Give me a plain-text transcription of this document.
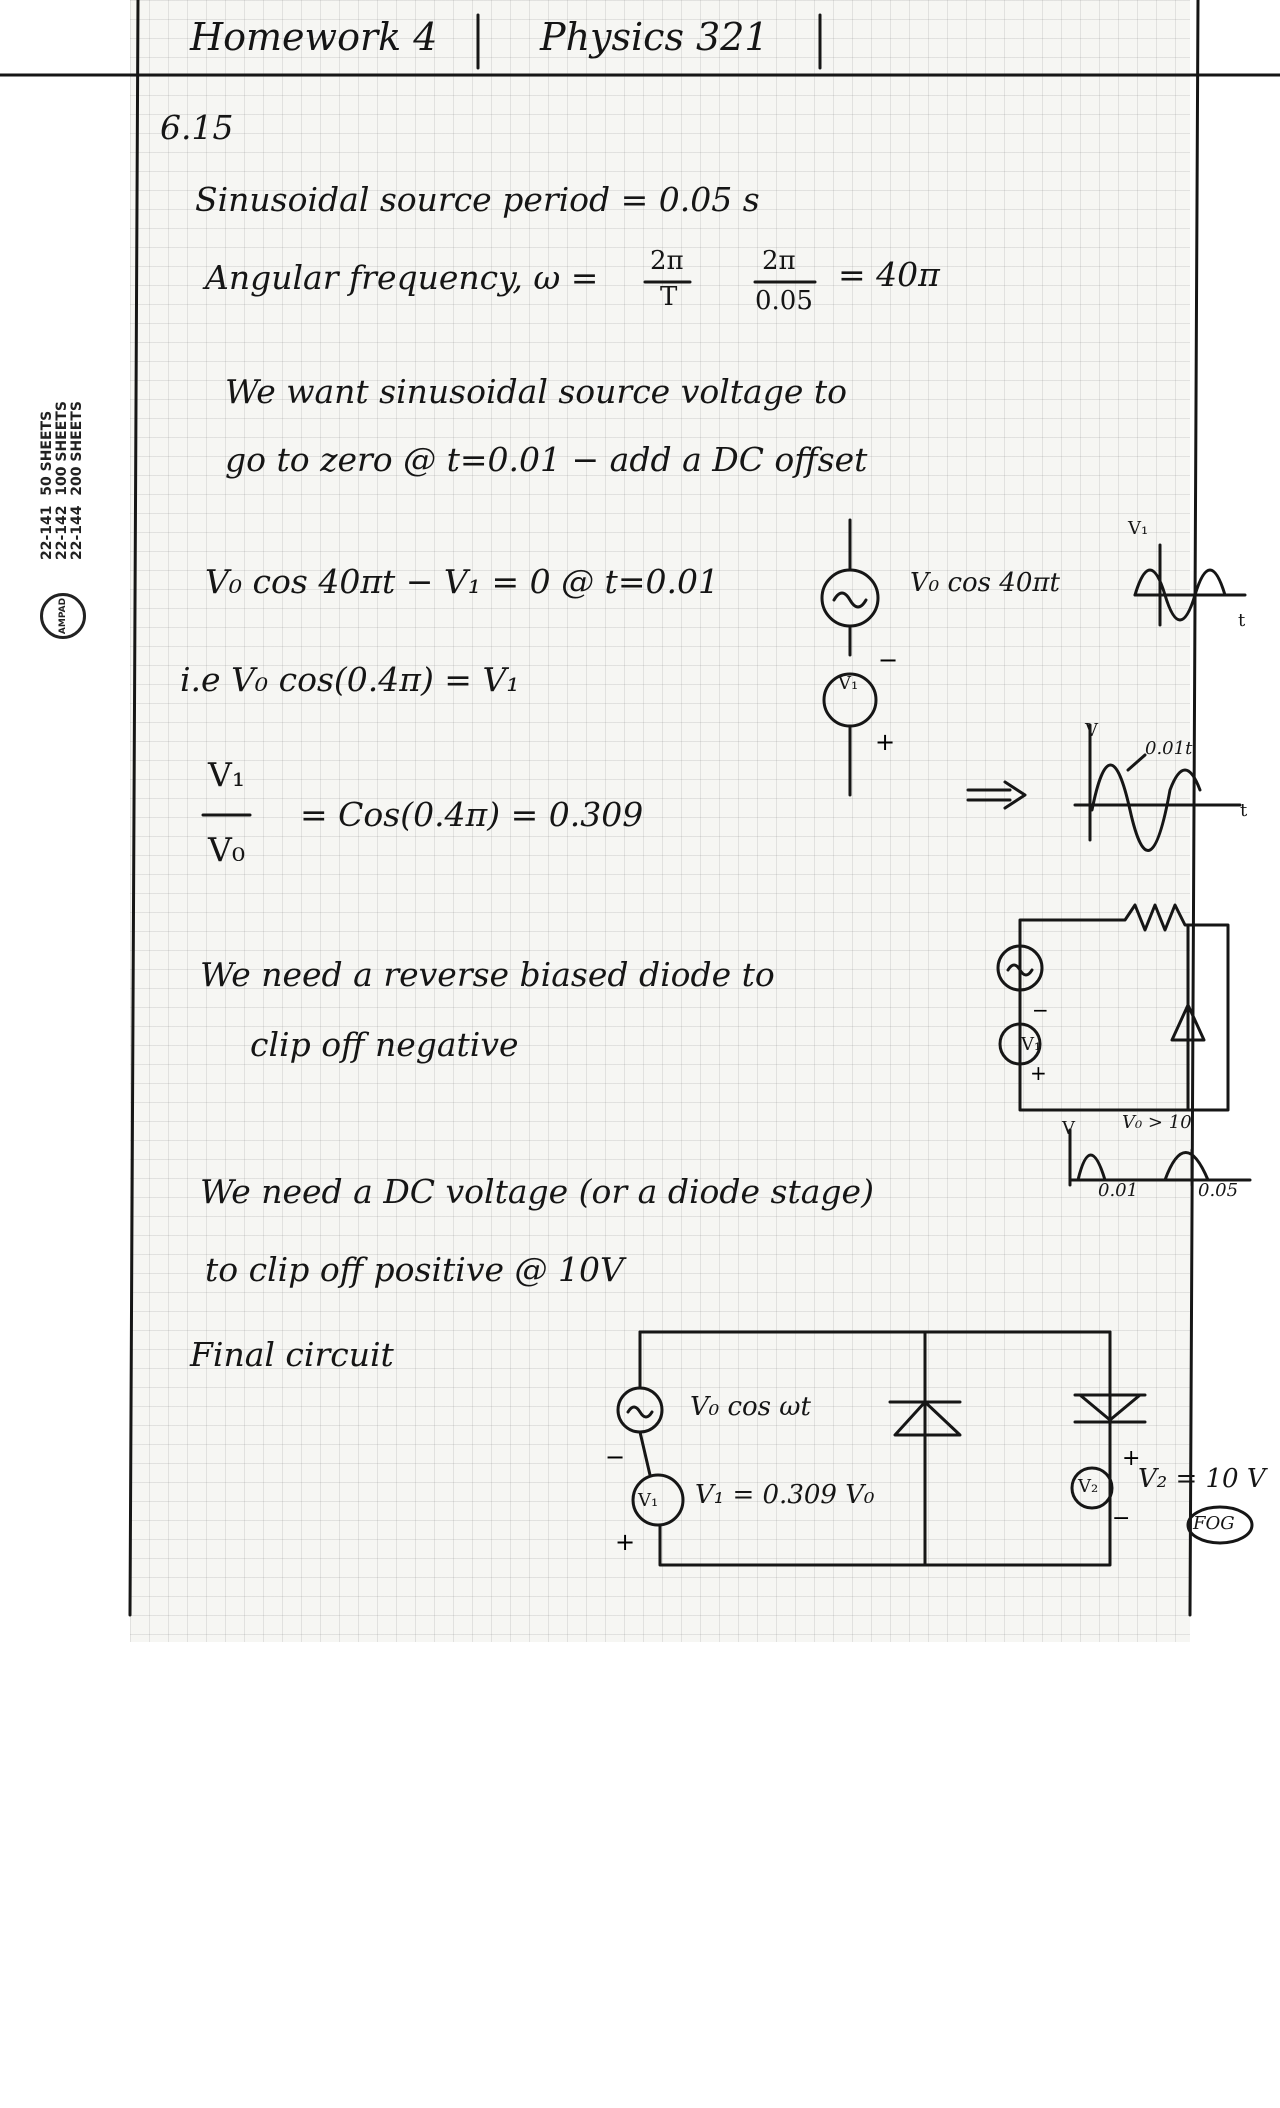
22-141  50 SHEETS
22-142  100 SHEETS
22-144  200 SHEETS
AMPAD
Homework 4	Physics 321
6.15
Sinusoidal source period = 0.05 s
Angular frequency, ω = 2π
T
2π
0.05
= 40π
We want sinusoidal source voltage to
go to zero @ t=0.01 − add a DC offset
V₀ cos 40πt − V₁ = 0 @ t=0.01
i.e V₀ cos(0.4π) = V₁
V₁
V₀
= Cos(0.4π) = 0.309
We need a reverse biased diode to
clip off negative
We need a DC voltage (or a diode stage)
to clip off positive @ 10V
Final circuit
V₀ cos 40πt
V₁
V₁
t
V
t
0.01t
V₁
V	V₀ > 10
0.01	0.05
V₀ cos ωt
V₁ V₁ = 0.309 V₀	V₂ V₂ = 10 V
FOG
−
+
−
+
−
+
+
−
